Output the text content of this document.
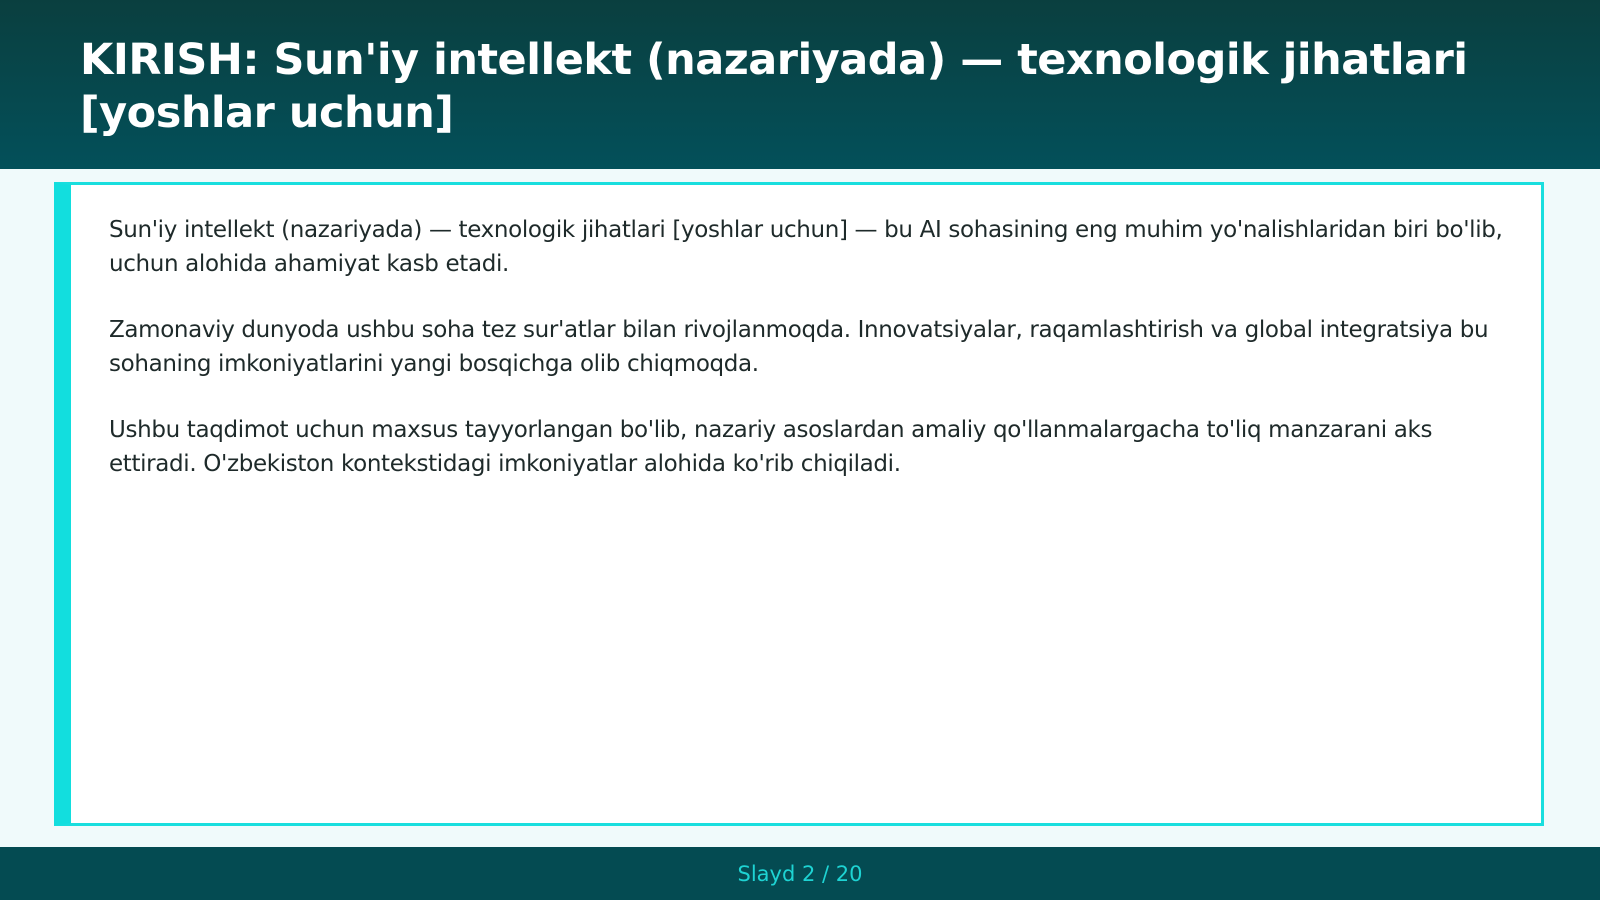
KIRISH: Sun'iy intellekt (nazariyada) — texnologik jihatlari [yoshlar uchun]

Sun'iy intellekt (nazariyada) — texnologik jihatlari [yoshlar uchun] — bu AI sohasining eng muhim yo'nalishlaridan biri bo'lib, uchun alohida ahamiyat kasb etadi.

Zamonaviy dunyoda ushbu soha tez sur'atlar bilan rivojlanmoqda. Innovatsiyalar, raqamlashtirish va global integratsiya bu sohaning imkoniyatlarini yangi bosqichga olib chiqmoqda.

Ushbu taqdimot uchun maxsus tayyorlangan bo'lib, nazariy asoslardan amaliy qo'llanmalargacha to'liq manzarani aks ettiradi. O'zbekiston kontekstidagi imkoniyatlar alohida ko'rib chiqiladi.

Slayd 2 / 20
